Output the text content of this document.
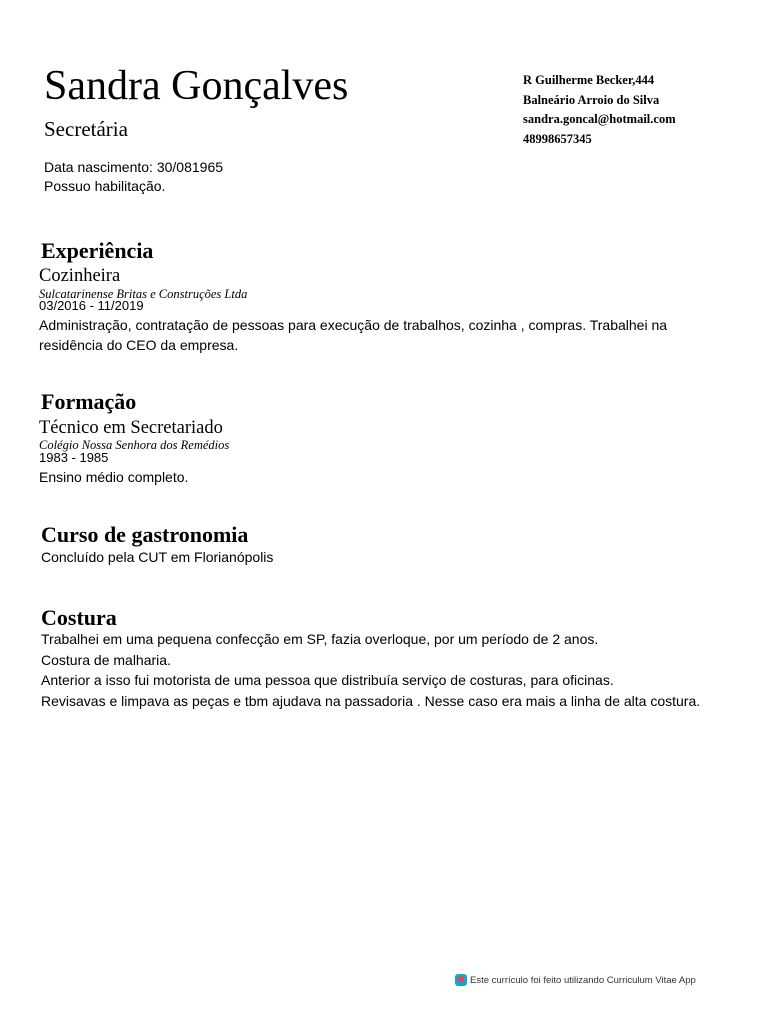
Sandra Gonçalves
Secretária
Data nascimento: 30/081965
Possuo habilitação.
R Guilherme Becker,444
Balneário Arroio do Silva
sandra.goncal@hotmail.com
48998657345
Experiência
Cozinheira
Sulcatarinense Britas e Construções Ltda
03/2016 - 11/2019
Administração, contratação de pessoas para execução de trabalhos, cozinha , compras. Trabalhei na
residência do CEO da empresa.
Formação
Técnico em Secretariado
Colégio Nossa Senhora dos Remédios
1983 - 1985
Ensino médio completo.
Curso de gastronomia
Concluído pela CUT em Florianópolis
Costura
Trabalhei em uma pequena confecção em SP, fazia overloque, por um período de 2 anos.
Costura de malharia.
Anterior a isso fui motorista de uma pessoa que distribuía serviço de costuras, para oficinas.
Revisavas e limpava as peças e tbm ajudava na passadoria . Nesse caso era mais a linha de alta costura.
Este currículo foi feito utilizando Curriculum Vitae App
